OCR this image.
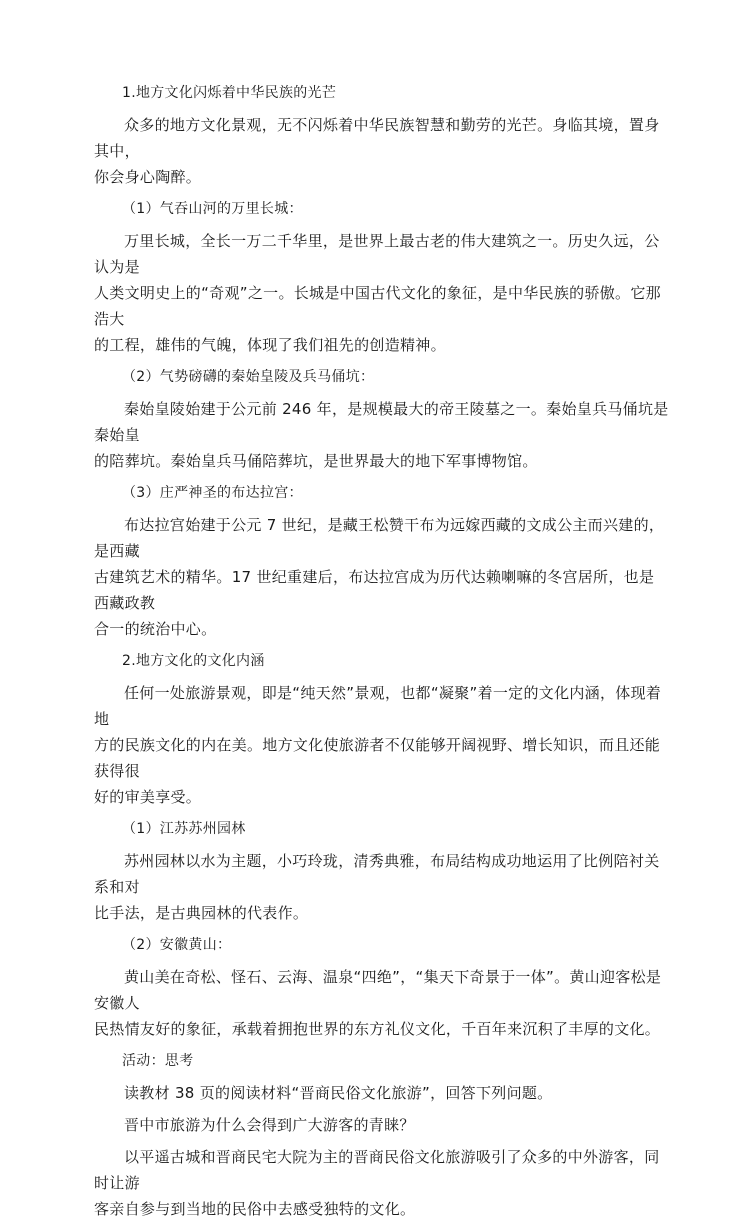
1.地方文化闪烁着中华民族的光芒
众多的地方文化景观，无不闪烁着中华民族智慧和勤劳的光芒。身临其境，置身其中，
你会身心陶醉。
（1）气吞山河的万里长城：
万里长城，全长一万二千华里，是世界上最古老的伟大建筑之一。历史久远，公认为是
人类文明史上的“奇观”之一。长城是中国古代文化的象征，是中华民族的骄傲。它那浩大
的工程，雄伟的气魄，体现了我们祖先的创造精神。
（2）气势磅礴的秦始皇陵及兵马俑坑：
秦始皇陵始建于公元前 246 年，是规模最大的帝王陵墓之一。秦始皇兵马俑坑是秦始皇
的陪葬坑。秦始皇兵马俑陪葬坑，是世界最大的地下军事博物馆。
（3）庄严神圣的布达拉宫：
布达拉宫始建于公元 7 世纪，是藏王松赞干布为远嫁西藏的文成公主而兴建的，是西藏
古建筑艺术的精华。17 世纪重建后，布达拉宫成为历代达赖喇嘛的冬宫居所，也是西藏政教
合一的统治中心。
2.地方文化的文化内涵
任何一处旅游景观，即是“纯天然”景观，也都“凝聚”着一定的文化内涵，体现着地
方的民族文化的内在美。地方文化使旅游者不仅能够开阔视野、增长知识，而且还能获得很
好的审美享受。
（1）江苏苏州园林
苏州园林以水为主题，小巧玲珑，清秀典雅，布局结构成功地运用了比例陪衬关系和对
比手法，是古典园林的代表作。
（2）安徽黄山：
黄山美在奇松、怪石、云海、温泉“四绝”，“集天下奇景于一体”。黄山迎客松是安徽人
民热情友好的象征，承载着拥抱世界的东方礼仪文化，千百年来沉积了丰厚的文化。
活动：思考
读教材 38 页的阅读材料“晋商民俗文化旅游”，回答下列问题。
晋中市旅游为什么会得到广大游客的青睐？
以平遥古城和晋商民宅大院为主的晋商民俗文化旅游吸引了众多的中外游客，同时让游
客亲自参与到当地的民俗中去感受独特的文化。
